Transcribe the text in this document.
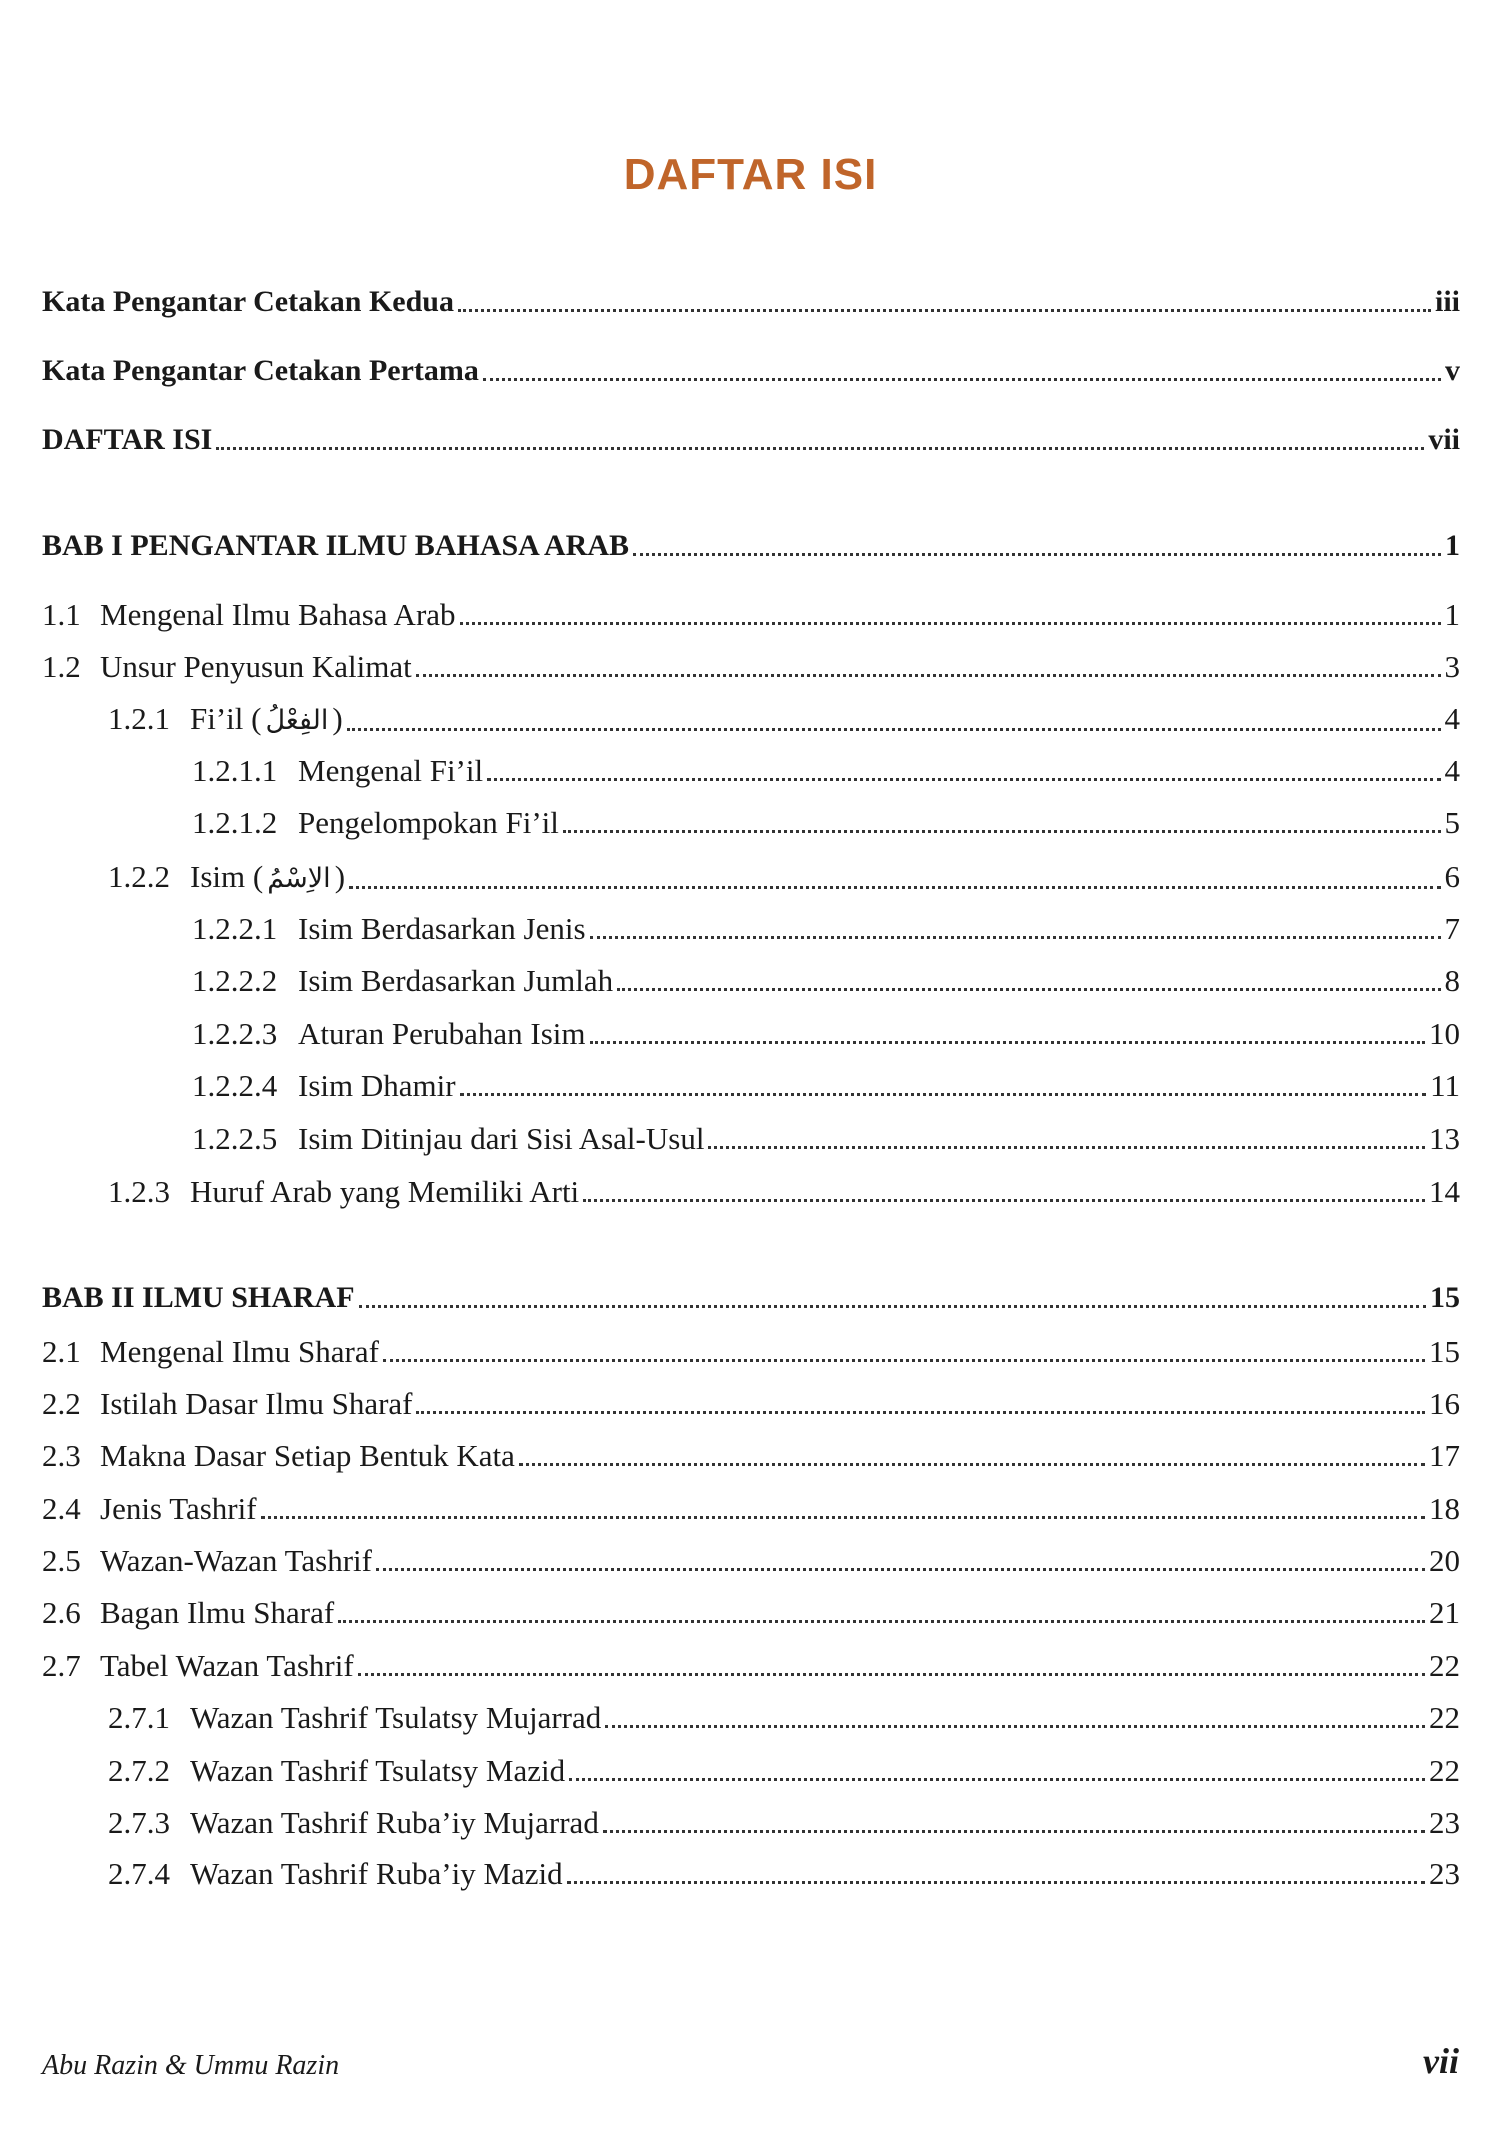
DAFTAR ISI
Kata Pengantar Cetakan Kedua	iii
Kata Pengantar Cetakan Pertama	v
DAFTAR ISI	vii
BAB I PENGANTAR ILMU BAHASA ARAB	1
1.1 Mengenal Ilmu Bahasa Arab	1
1.2 Unsur Penyusun Kalimat	3
1.2.1 Fi’il ( الفِعْلُ )	4
1.2.1.1 Mengenal Fi’il	4
1.2.1.2 Pengelompokan Fi’il	5
1.2.2 Isim ( الاِسْمُ )	6
1.2.2.1 Isim Berdasarkan Jenis	7
1.2.2.2 Isim Berdasarkan Jumlah	8
1.2.2.3 Aturan Perubahan Isim	10
1.2.2.4 Isim Dhamir	11
1.2.2.5 Isim Ditinjau dari Sisi Asal-Usul	13
1.2.3 Huruf Arab yang Memiliki Arti	14
BAB II ILMU SHARAF	15
2.1 Mengenal Ilmu Sharaf	15
2.2 Istilah Dasar Ilmu Sharaf	16
2.3 Makna Dasar Setiap Bentuk Kata	17
2.4 Jenis Tashrif	18
2.5 Wazan-Wazan Tashrif	20
2.6 Bagan Ilmu Sharaf	21
2.7 Tabel Wazan Tashrif	22
2.7.1 Wazan Tashrif Tsulatsy Mujarrad	22
2.7.2 Wazan Tashrif Tsulatsy Mazid	22
2.7.3 Wazan Tashrif Ruba’iy Mujarrad	23
2.7.4 Wazan Tashrif Ruba’iy Mazid	23

Abu Razin & Ummu Razin	vii
